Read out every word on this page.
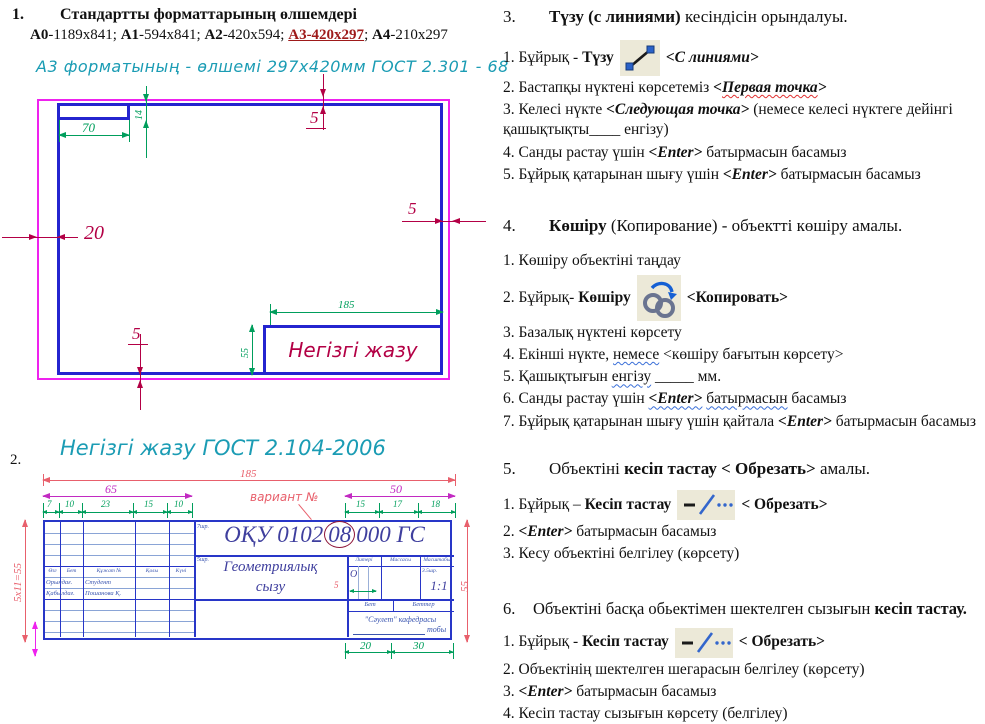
1. Стандартты форматтарының өлшемдері
А0-1189х841; А1-594х841; А2-420х594; А3-420х297; А4-210х297
А3 форматының - өлшемі 297х420мм ГОСТ 2.301 - 68
70
14	5
20
5
185
55 Негізгі жазу
5
2. Негізгі жазу ГОСТ 2.104-2006
185
65	50
вариант №
7 10	23	15 10	15	17	18
Өзг	Бет	Құжат №	Қолы	Күні
Орындағ. Студент
Қабылдағ. Пошанова Қ.
7шр. ОҚУ 0102 08 000 ГС
5шр. Геометриялық
сызу
Литері	Массасы	Масштабы
О
5
3.5шр.
1:1
Бет	Беттер
"Сәулет" кафедрасы
тобы
20	30
55
5х11=55
3.	Түзу (с линиями) кесіндісін орындалуы.
1. Бұйрық - Түзу	<С линиями>
2. Бастапқы нүктені көрсетеміз <Первая точка>
3. Келесі нүкте <Следующая точка> (немесе келесі нүктеге дейінгі қашықтықты____ енгізу)
4. Санды растау үшін <Enter> батырмасын басамыз
5. Бұйрық қатарынан шығу үшін <Enter> батырмасын басамыз
4.	Көшіру (Копирование) - объектті көшіру амалы.
1. Көшіру объектіні таңдау
2. Бұйрық- Көшіру	<Копировать>
3. Базалық нүктені көрсету
4. Екінші нүкте, немесе <көшіру бағытын көрсету>
5. Қашықтығын енгізу _____ мм.
6. Санды растау үшін <Enter> батырмасын басамыз
7. Бұйрық қатарынан шығу үшін қайтала <Enter> батырмасын басамыз
5.	Объектіні кесіп тастау < Обрезать> амалы.
1. Бұйрық – Кесіп тастау	< Обрезать>
2. <Enter> батырмасын басамыз
3. Кесу объектіні белгілеу (көрсету)
6.	Объектіні басқа обьектімен шектелген сызығын кесіп тастау.
1. Бұйрық - Кесіп тастау	< Обрезать>
2. Объектінің шектелген шегарасын белгілеу (көрсету)
3. <Enter> батырмасын басамыз
4. Кесіп тастау сызығын көрсету (белгілеу)
